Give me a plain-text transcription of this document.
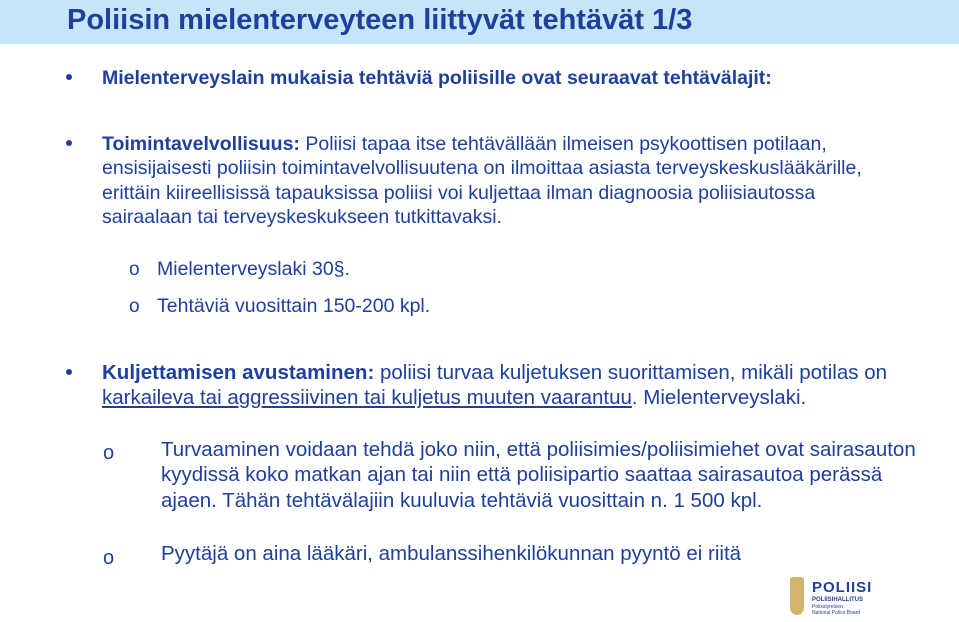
Poliisin mielenterveyteen liittyvät tehtävät 1/3
Mielenterveyslain mukaisia tehtäviä poliisille ovat seuraavat tehtävälajit:
Toimintavelvollisuus: Poliisi tapaa itse tehtävällään ilmeisen psykoottisen potilaan, ensisijaisesti poliisin toimintavelvollisuutena on ilmoittaa asiasta terveyskeskuslääkärille, erittäin kiireellisissä tapauksissa poliisi voi kuljettaa ilman diagnoosia poliisiautossa sairaalaan tai terveyskeskukseen tutkittavaksi.
o Mielenterveyslaki 30§.
o Tehtäviä vuosittain 150-200 kpl.
Kuljettamisen avustaminen: poliisi turvaa kuljetuksen suorittamisen, mikäli potilas on karkaileva tai aggressiivinen tai kuljetus muuten vaarantuu. Mielenterveyslaki.
o Turvaaminen voidaan tehdä joko niin, että poliisimies/poliisimiehet ovat sairasauton kyydissä koko matkan ajan tai niin että poliisipartio saattaa sairasautoa perässä ajaen. Tähän tehtävälajiin kuuluvia tehtäviä vuosittain n. 1 500 kpl.
o Pyytäjä on aina lääkäri, ambulanssihenkilökunnan pyyntö ei riitä
POLIISI
POLIISIHALLITUS
Polisstyrelsen
National Police Board
